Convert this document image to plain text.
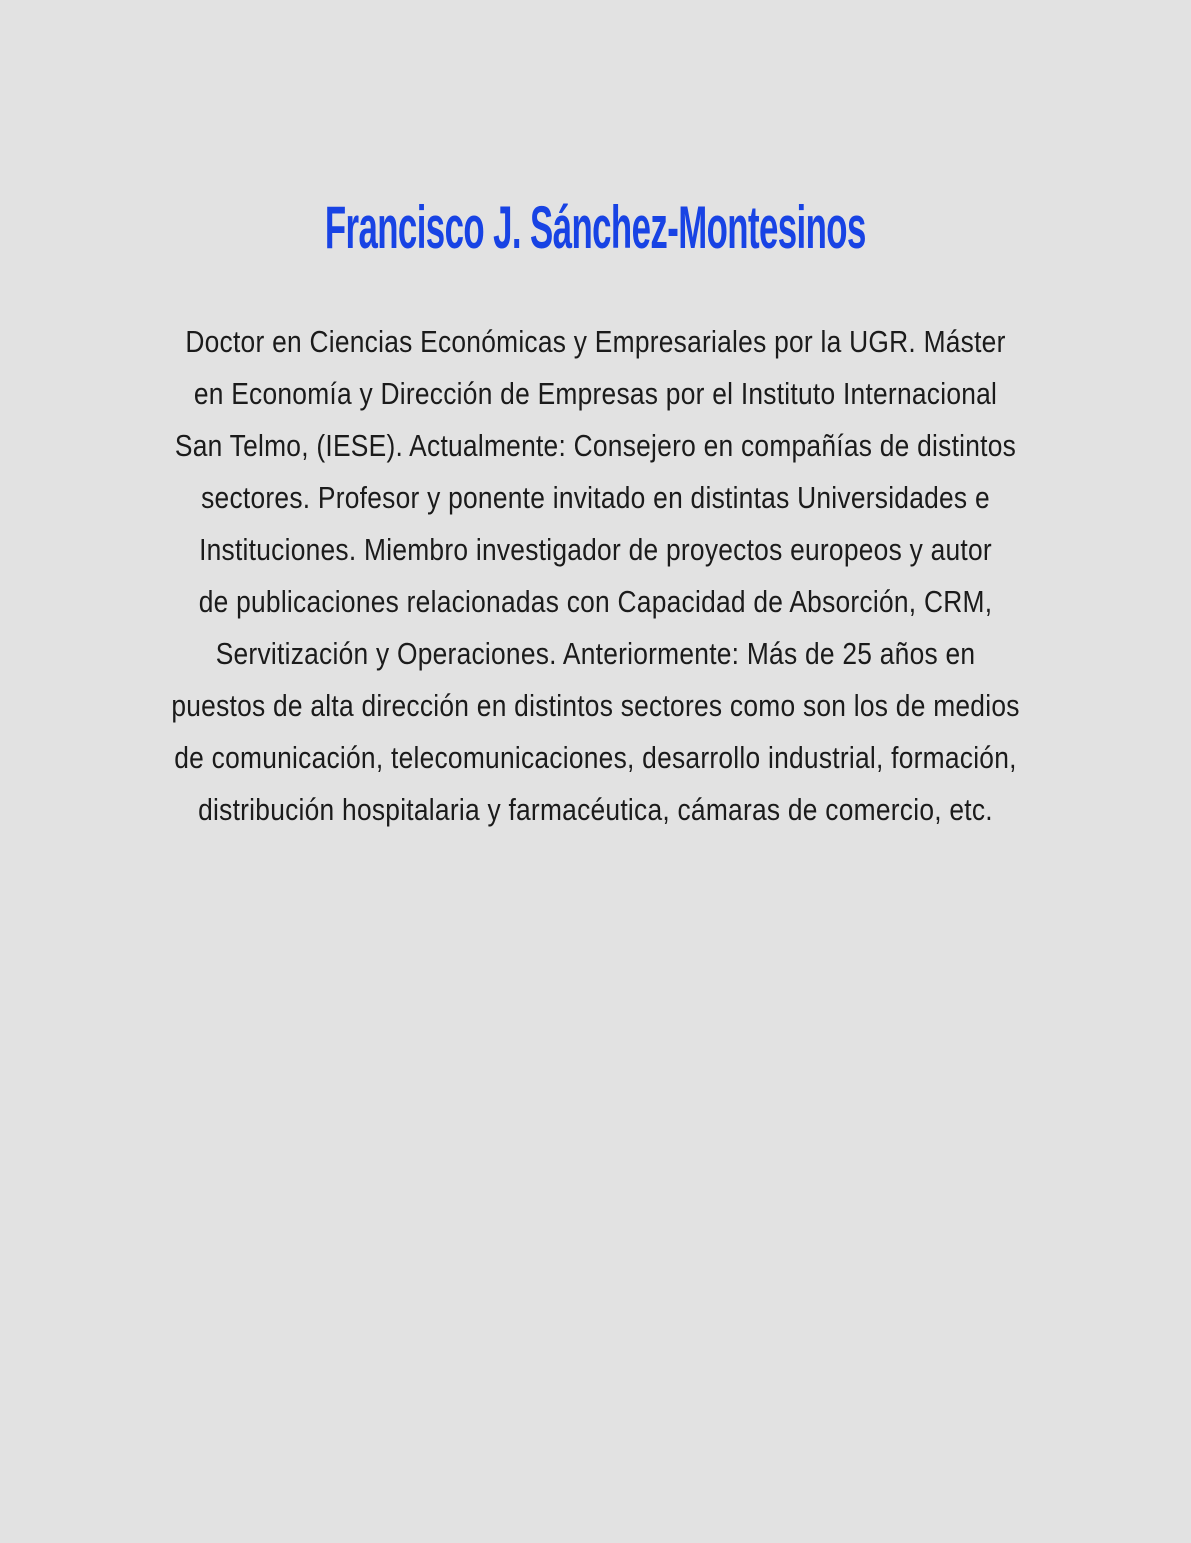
Francisco J. Sánchez-Montesinos
Doctor en Ciencias Económicas y Empresariales por la UGR. Máster
en Economía y Dirección de Empresas por el Instituto Internacional
San Telmo, (IESE). Actualmente: Consejero en compañías de distintos
sectores. Profesor y ponente invitado en distintas Universidades e
Instituciones. Miembro investigador de proyectos europeos y autor
de publicaciones relacionadas con Capacidad de Absorción, CRM,
Servitización y Operaciones. Anteriormente: Más de 25 años en
puestos de alta dirección en distintos sectores como son los de medios
de comunicación, telecomunicaciones, desarrollo industrial, formación,
distribución hospitalaria y farmacéutica, cámaras de comercio, etc.
